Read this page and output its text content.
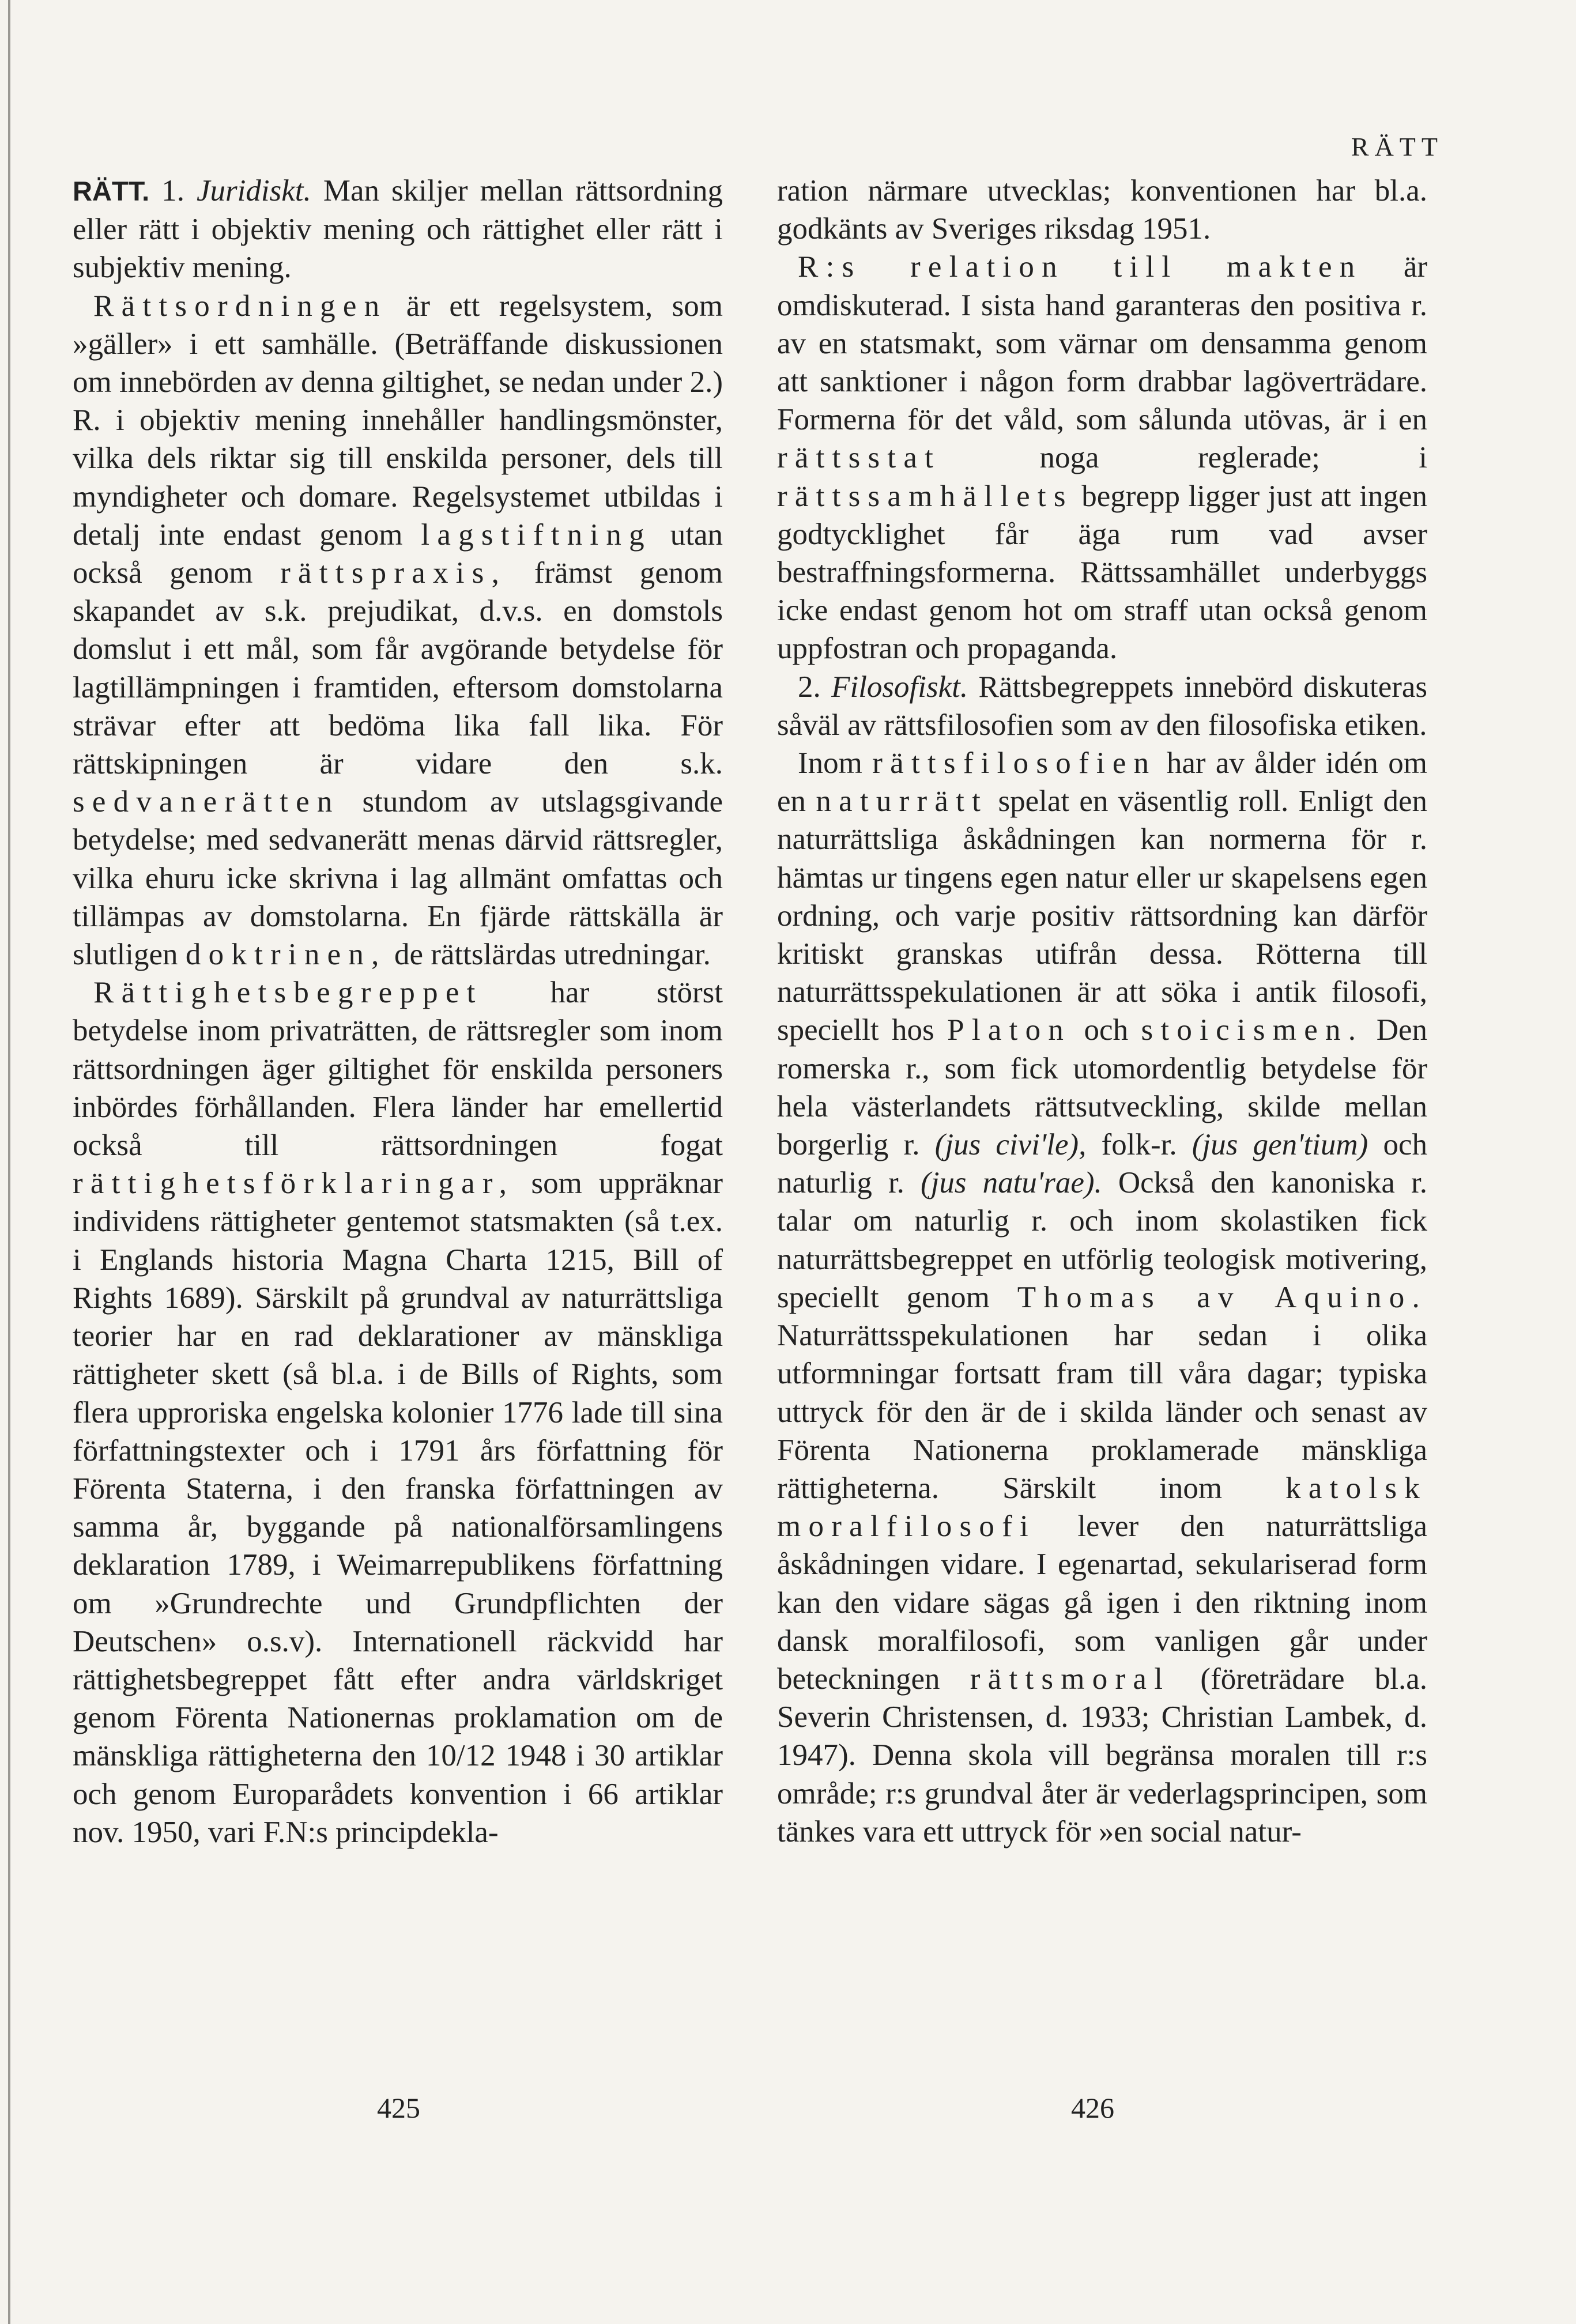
RÄTT

RÄTT. 1. Juridiskt. Man skiljer mellan rättsordning eller rätt i objektiv mening och rättighet eller rätt i subjektiv mening.

Rättsordningen är ett regelsystem, som »gäller» i ett samhälle. (Beträffande diskussionen om innebörden av denna giltighet, se nedan under 2.) R. i objektiv mening innehåller handlingsmönster, vilka dels riktar sig till enskilda personer, dels till myndigheter och domare. Regelsystemet utbildas i detalj inte endast genom lagstiftning utan också genom rättspraxis, främst genom skapandet av s.k. prejudikat, d.v.s. en domstols domslut i ett mål, som får avgörande betydelse för lagtillämpningen i framtiden, eftersom domstolarna strävar efter att bedöma lika fall lika. För rättskipningen är vidare den s.k. sedvanerätten stundom av utslagsgivande betydelse; med sedvanerätt menas därvid rättsregler, vilka ehuru icke skrivna i lag allmänt omfattas och tillämpas av domstolarna. En fjärde rättskälla är slutligen doktrinen, de rättslärdas utredningar.

Rättighetsbegreppet har störst betydelse inom privaträtten, de rättsregler som inom rättsordningen äger giltighet för enskilda personers inbördes förhållanden. Flera länder har emellertid också till rättsordningen fogat rättighetsförklaringar, som uppräknar individens rättigheter gentemot statsmakten (så t.ex. i Englands historia Magna Charta 1215, Bill of Rights 1689). Särskilt på grundval av naturrättsliga teorier har en rad deklarationer av mänskliga rättigheter skett (så bl.a. i de Bills of Rights, som flera upproriska engelska kolonier 1776 lade till sina författningstexter och i 1791 års författning för Förenta Staterna, i den franska författningen av samma år, byggande på nationalförsamlingens deklaration 1789, i Weimarrepublikens författning om »Grundrechte und Grundpflichten der Deutschen» o.s.v). Internationell räckvidd har rättighetsbegreppet fått efter andra världskriget genom Förenta Nationernas proklamation om de mänskliga rättigheterna den 10/12 1948 i 30 artiklar och genom Europarådets konvention i 66 artiklar nov. 1950, vari F.N:s principdekla-

ration närmare utvecklas; konventionen har bl.a. godkänts av Sveriges riksdag 1951.

R:s relation till makten är omdiskuterad. I sista hand garanteras den positiva r. av en statsmakt, som värnar om densamma genom att sanktioner i någon form drabbar lagöverträdare. Formerna för det våld, som sålunda utövas, är i en rättsstat	noga reglerade; i rättssamhällets begrepp ligger just att ingen godtycklighet får äga rum vad avser bestraffningsformerna. Rättssamhället underbyggs icke endast genom hot om straff utan också genom uppfostran och propaganda.

2. Filosofiskt. Rättsbegreppets innebörd diskuteras såväl av rättsfilosofien som av den filosofiska etiken.

Inom rättsfilosofien har av ålder idén om en naturrätt spelat en väsentlig roll. Enligt den naturrättsliga åskådningen kan normerna för r. hämtas ur tingens egen natur eller ur skapelsens egen ordning, och varje positiv rättsordning kan därför kritiskt granskas utifrån dessa. Rötterna till naturrättsspekulationen är att söka i antik filosofi, speciellt hos Platon och stoicismen. Den romerska r., som fick utomordentlig betydelse för hela västerlandets rättsutveckling, skilde mellan borgerlig r. (jus civi'le), folk-r. (jus gen'tium) och naturlig r. (jus natu'rae). Också den kanoniska r. talar om naturlig r. och inom skolastiken fick naturrättsbegreppet en utförlig teologisk motivering, speciellt genom Thomas av Aquino. Naturrättsspekulationen har sedan i olika utformningar fortsatt fram till våra dagar; typiska uttryck för den är de i skilda länder och senast av Förenta Nationerna proklamerade mänskliga rättigheterna. Särskilt inom katolsk moralfilosofi lever den naturrättsliga åskådningen vidare. I egenartad, sekulariserad form kan den vidare sägas gå igen i den riktning inom dansk moralfilosofi, som vanligen går under beteckningen rättsmoral (företrädare bl.a. Severin Christensen, d. 1933; Christian Lambek, d. 1947). Denna skola vill begränsa moralen till r:s område; r:s grundval åter är vederlagsprincipen, som tänkes vara ett uttryck för »en social natur-

425	426
